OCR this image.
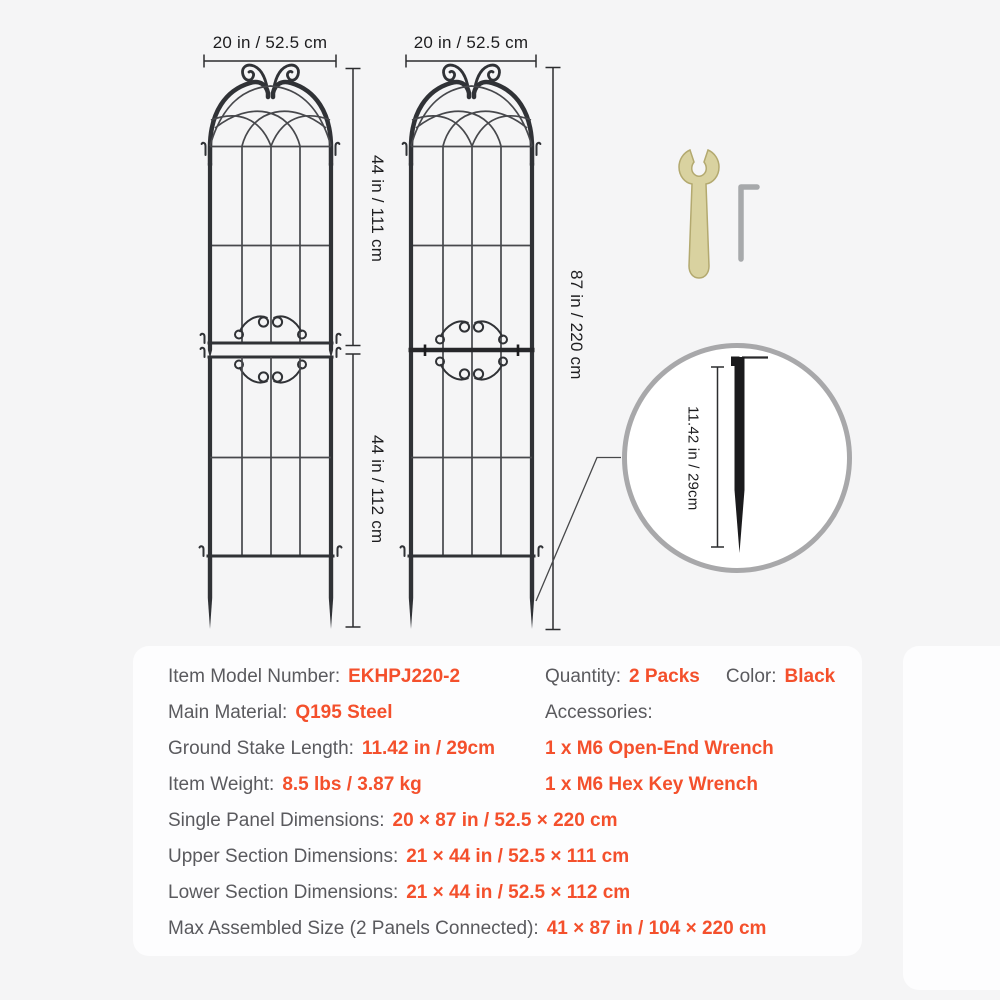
20 in / 52.5 cm	20 in / 52.5 cm
44 in / 111 cm
44 in / 112 cm
87 in / 220 cm
11.42 in / 29cm
Item Model Number: EKHPJ220-2
Main Material: Q195 Steel
Ground Stake Length: 11.42 in / 29cm
Item Weight: 8.5 lbs / 3.87 kg
Quantity: 2 Packs Color: Black
Accessories:
1 x M6 Open-End Wrench
1 x M6 Hex Key Wrench
Single Panel Dimensions: 20 × 87 in / 52.5 × 220 cm
Upper Section Dimensions: 21 × 44 in / 52.5 × 111 cm
Lower Section Dimensions: 21 × 44 in / 52.5 × 112 cm
Max Assembled Size (2 Panels Connected): 41 × 87 in / 104 × 220 cm
